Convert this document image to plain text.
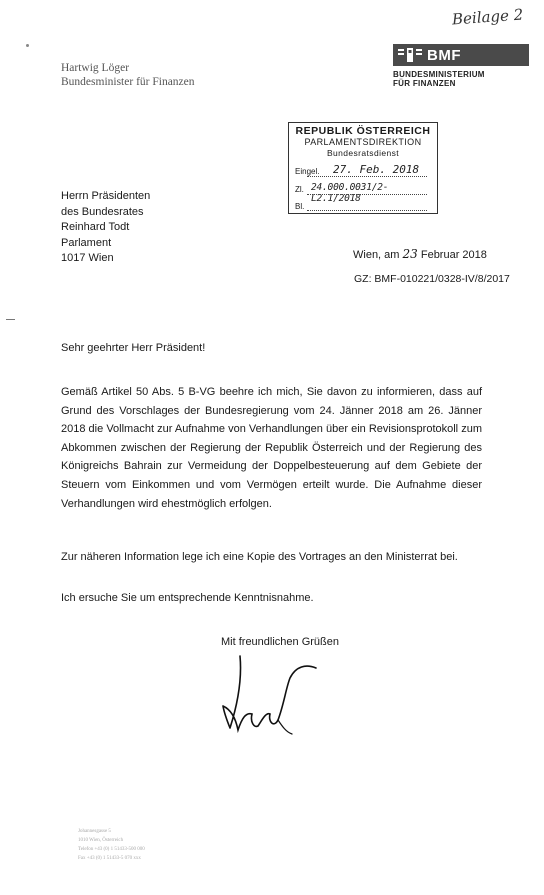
Beilage 2
Hartwig Löger
Bundesminister für Finanzen
BMF
BUNDESMINISTERIUM
FÜR FINANZEN
REPUBLIK ÖSTERREICH
PARLAMENTSDIREKTION
Bundesratsdienst
Eingel. 27. Feb. 2018
Zl. 24.000.0031/2-L2.1/2018
Bl.
Herrn Präsidenten
des Bundesrates
Reinhard Todt
Parlament
1017 Wien	Wien, am 23 Februar 2018
GZ: BMF-010221/0328-IV/8/2017
Sehr geehrter Herr Präsident!
Gemäß Artikel 50 Abs. 5 B-VG beehre ich mich, Sie davon zu informieren, dass auf Grund des Vorschlages der Bundesregierung vom 24. Jänner 2018 am 26. Jänner 2018 die Vollmacht zur Aufnahme von Verhandlungen über ein Revisionsprotokoll zum Abkommen zwischen der Regierung der Republik Österreich und der Regierung des Königreichs Bahrain zur Vermeidung der Doppelbesteuerung auf dem Gebiete der Steuern vom Einkommen und vom Vermögen erteilt wurde. Die Aufnahme dieser Verhandlungen wird ehestmöglich erfolgen.
Zur näheren Information lege ich eine Kopie des Vortrages an den Ministerrat bei.
Ich ersuche Sie um entsprechende Kenntnisnahme.
Mit freundlichen Grüßen
Johannesgasse 5
1010 Wien, Österreich
Telefon +43 (0) 1 51433-500 000
Fax +43 (0) 1 51433-5 070 xxx
